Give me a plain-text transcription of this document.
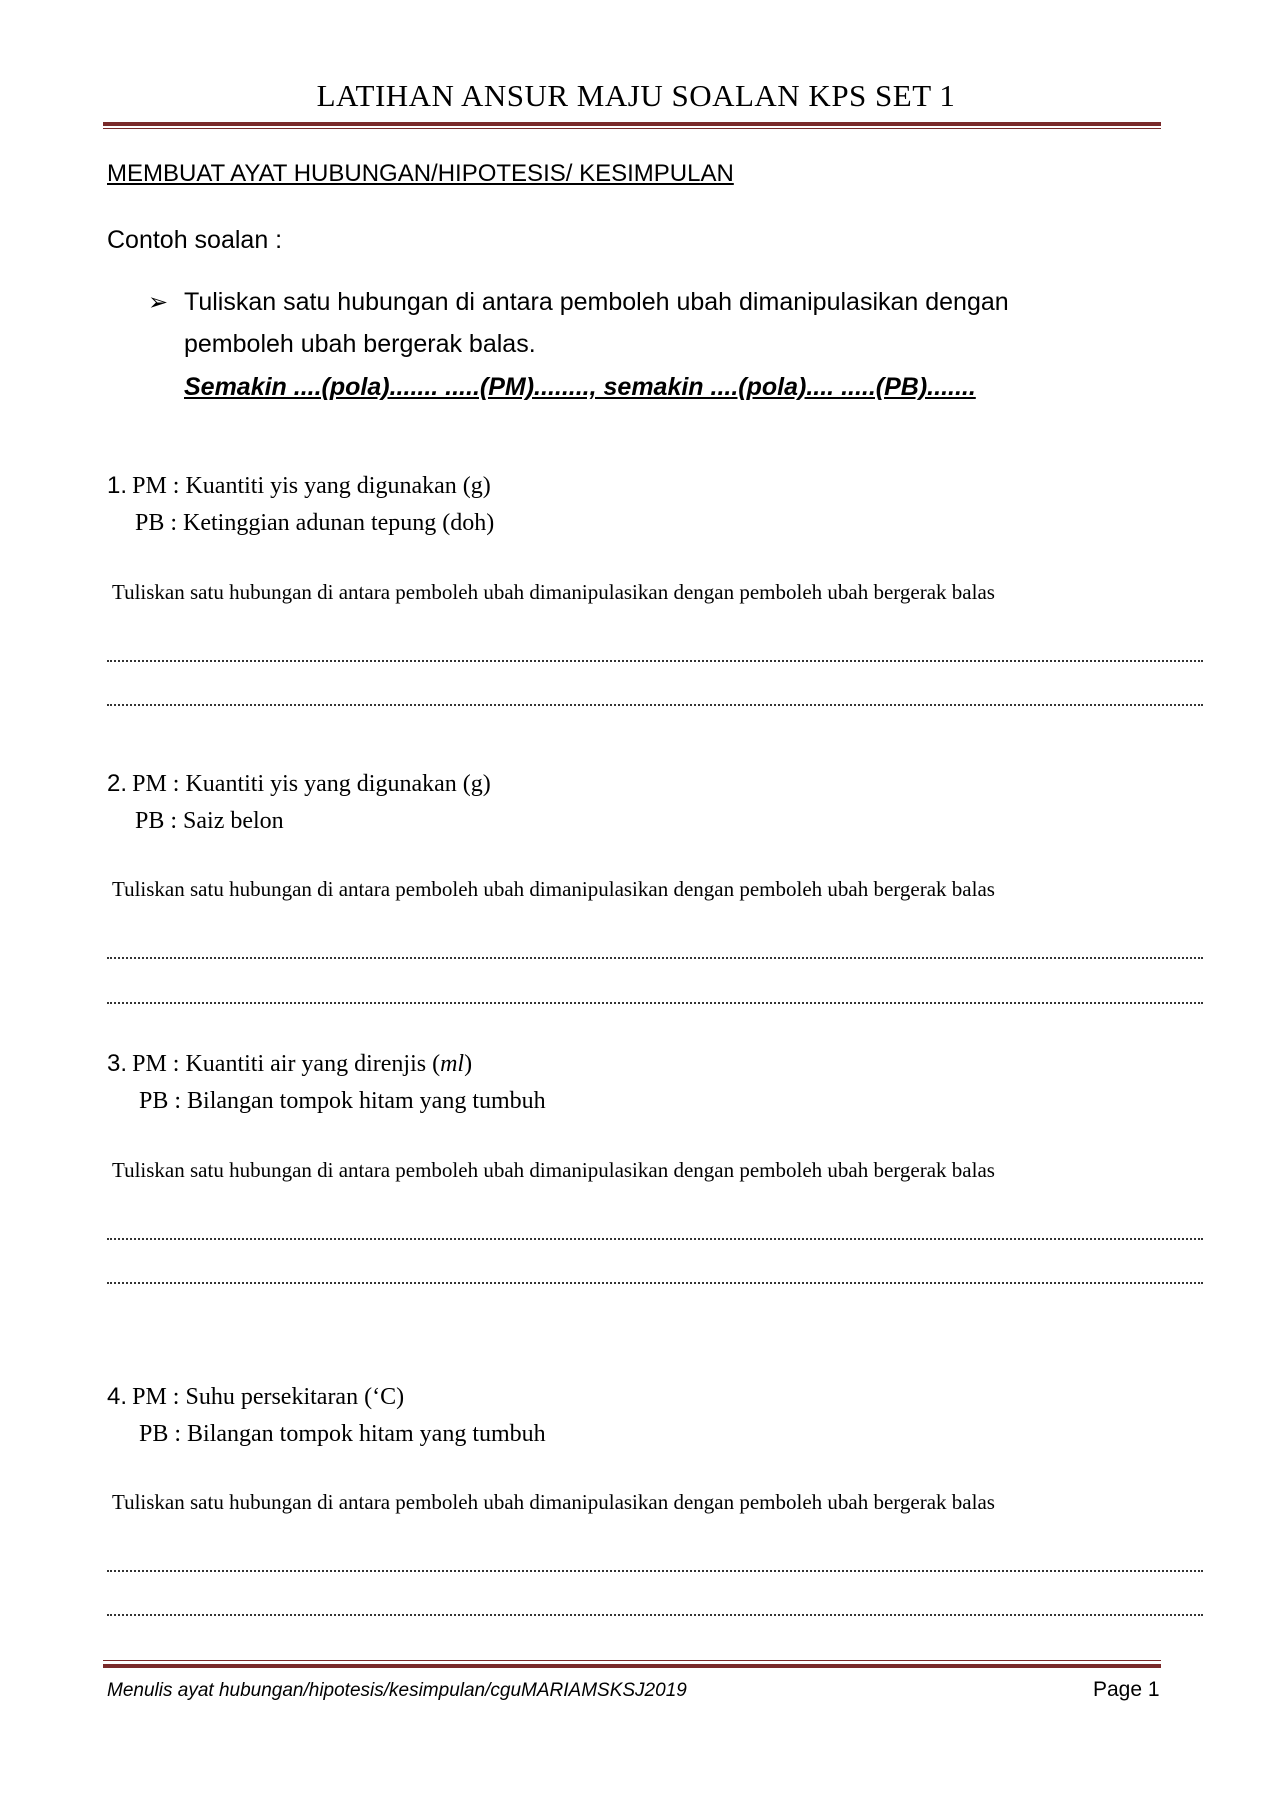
LATIHAN ANSUR MAJU SOALAN KPS SET 1
MEMBUAT AYAT HUBUNGAN/HIPOTESIS/ KESIMPULAN
Contoh soalan :
➢ Tuliskan satu hubungan di antara pemboleh ubah dimanipulasikan dengan
pemboleh ubah bergerak balas.
Semakin ....(pola)....... .....(PM)........, semakin ....(pola).... .....(PB).......
1. PM : Kuantiti yis yang digunakan (g)
PB : Ketinggian adunan tepung (doh)
Tuliskan satu hubungan di antara pemboleh ubah dimanipulasikan dengan pemboleh ubah bergerak balas
2. PM : Kuantiti yis yang digunakan (g)
PB : Saiz belon
Tuliskan satu hubungan di antara pemboleh ubah dimanipulasikan dengan pemboleh ubah bergerak balas
3. PM : Kuantiti air yang direnjis (ml)
PB : Bilangan tompok hitam yang tumbuh
Tuliskan satu hubungan di antara pemboleh ubah dimanipulasikan dengan pemboleh ubah bergerak balas
4. PM : Suhu persekitaran (‘C)
PB : Bilangan tompok hitam yang tumbuh
Tuliskan satu hubungan di antara pemboleh ubah dimanipulasikan dengan pemboleh ubah bergerak balas
Menulis ayat hubungan/hipotesis/kesimpulan/cguMARIAMSKSJ2019	Page 1
